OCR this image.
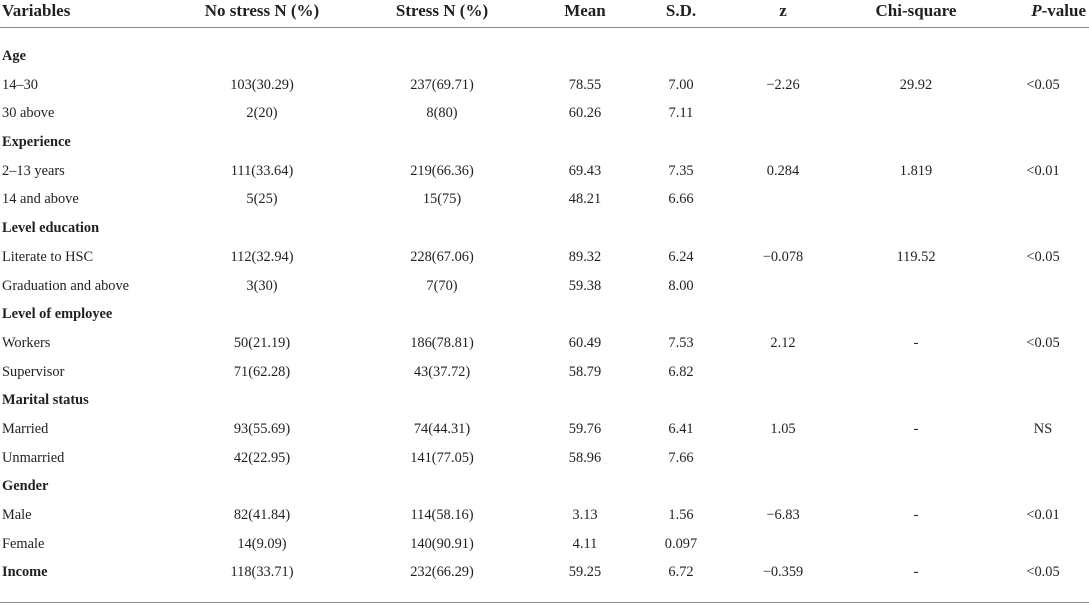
Variables	No stress N (%)	Stress N (%)	Mean	S.D.	z	Chi-square	P-value
Age
14–30	103(30.29)	237(69.71)	78.55	7.00	−2.26	29.92	<0.05
30 above	2(20)	8(80)	60.26	7.11
Experience
2–13 years	111(33.64)	219(66.36)	69.43	7.35	0.284	1.819	<0.01
14 and above	5(25)	15(75)	48.21	6.66
Level education
Literate to HSC	112(32.94)	228(67.06)	89.32	6.24	−0.078	119.52	<0.05
Graduation and above	3(30)	7(70)	59.38	8.00
Level of employee
Workers	50(21.19)	186(78.81)	60.49	7.53	2.12	-	<0.05
Supervisor	71(62.28)	43(37.72)	58.79	6.82
Marital status
Married	93(55.69)	74(44.31)	59.76	6.41	1.05	-	NS
Unmarried	42(22.95)	141(77.05)	58.96	7.66
Gender
Male	82(41.84)	114(58.16)	3.13	1.56	−6.83	-	<0.01
Female	14(9.09)	140(90.91)	4.11	0.097
Income	118(33.71)	232(66.29)	59.25	6.72	−0.359	-	<0.05
